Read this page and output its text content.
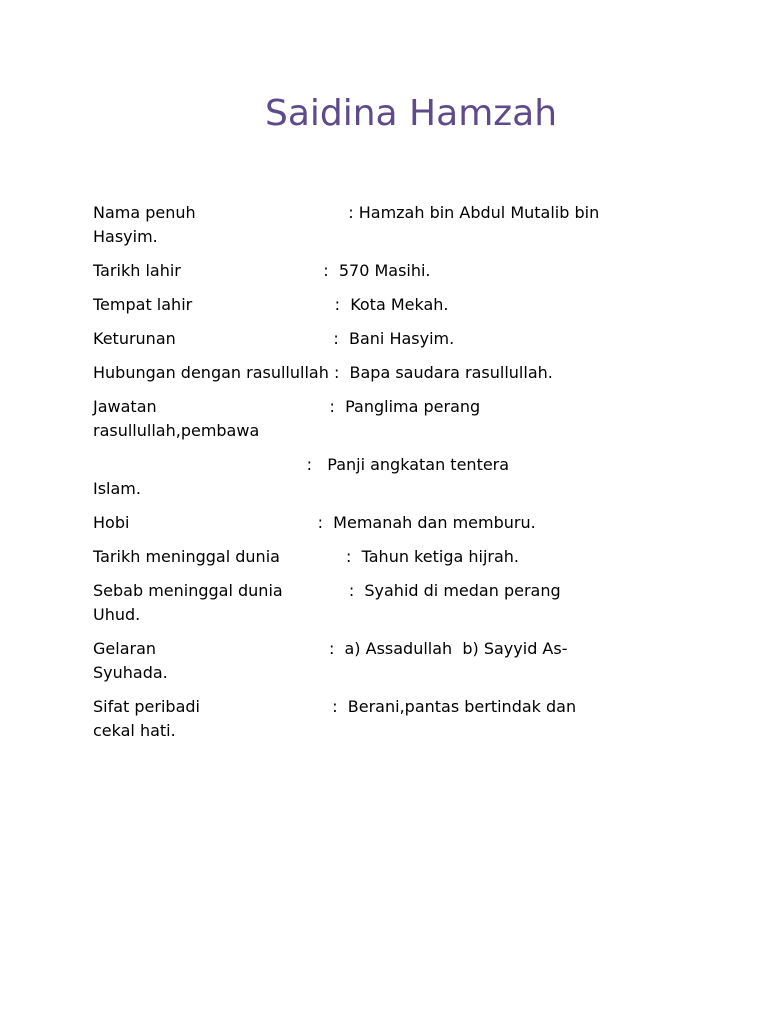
Saidina Hamzah

Nama penuh                              : Hamzah bin Abdul Mutalib bin

Hasyim.

Tarikh lahir                            :  570 Masihi.

Tempat lahir                            :  Kota Mekah.

Keturunan                               :  Bani Hasyim.

Hubungan dengan rasullullah :  Bapa saudara rasullullah.

Jawatan                                  :  Panglima perang

rasullullah,pembawa

:   Panji angkatan tentera

Islam.

Hobi                                     :  Memanah dan memburu.

Tarikh meninggal dunia             :  Tahun ketiga hijrah.

Sebab meninggal dunia             :  Syahid di medan perang

Uhud.

Gelaran                                  :  a) Assadullah  b) Sayyid As-

Syuhada.

Sifat peribadi                          :  Berani,pantas bertindak dan

cekal hati.
